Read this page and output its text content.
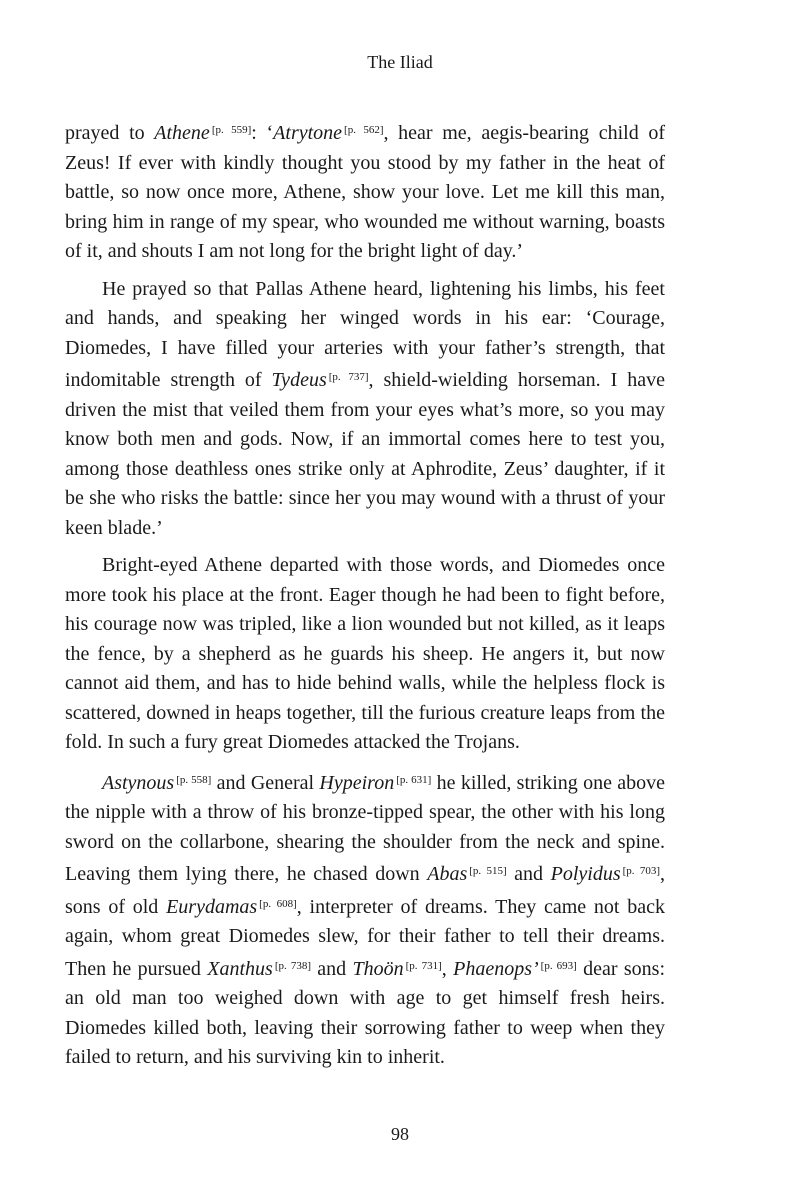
The Iliad

prayed to Athene [p. 559]: ‘Atrytone [p. 562], hear me, aegis-bearing child of Zeus! If ever with kindly thought you stood by my father in the heat of battle, so now once more, Athene, show your love. Let me kill this man, bring him in range of my spear, who wounded me without warning, boasts of it, and shouts I am not long for the bright light of day.’

He prayed so that Pallas Athene heard, lightening his limbs, his feet and hands, and speaking her winged words in his ear: ‘Courage, Diomedes, I have filled your arteries with your father’s strength, that indomitable strength of Tydeus [p. 737], shield-wielding horseman. I have driven the mist that veiled them from your eyes what’s more, so you may know both men and gods. Now, if an immortal comes here to test you, among those deathless ones strike only at Aphrodite, Zeus’ daughter, if it be she who risks the battle: since her you may wound with a thrust of your keen blade.’

Bright-eyed Athene departed with those words, and Diomedes once more took his place at the front. Eager though he had been to fight before, his courage now was tripled, like a lion wounded but not killed, as it leaps the fence, by a shepherd as he guards his sheep. He angers it, but now cannot aid them, and has to hide behind walls, while the helpless flock is scattered, downed in heaps together, till the furious creature leaps from the fold. In such a fury great Diomedes attacked the Trojans.

Astynous [p. 558] and General Hypeiron [p. 631] he killed, striking one above the nipple with a throw of his bronze-tipped spear, the other with his long sword on the collarbone, shearing the shoulder from the neck and spine. Leaving them lying there, he chased down Abas [p. 515] and Polyidus [p. 703], sons of old Eurydamas [p. 608], interpreter of dreams. They came not back again, whom great Diomedes slew, for their father to tell their dreams. Then he pursued Xanthus [p. 738] and Thoön [p. 731], Phaenops’ [p. 693] dear sons: an old man too weighed down with age to get himself fresh heirs. Diomedes killed both, leaving their sorrowing father to weep when they failed to return, and his surviving kin to inherit.

98
